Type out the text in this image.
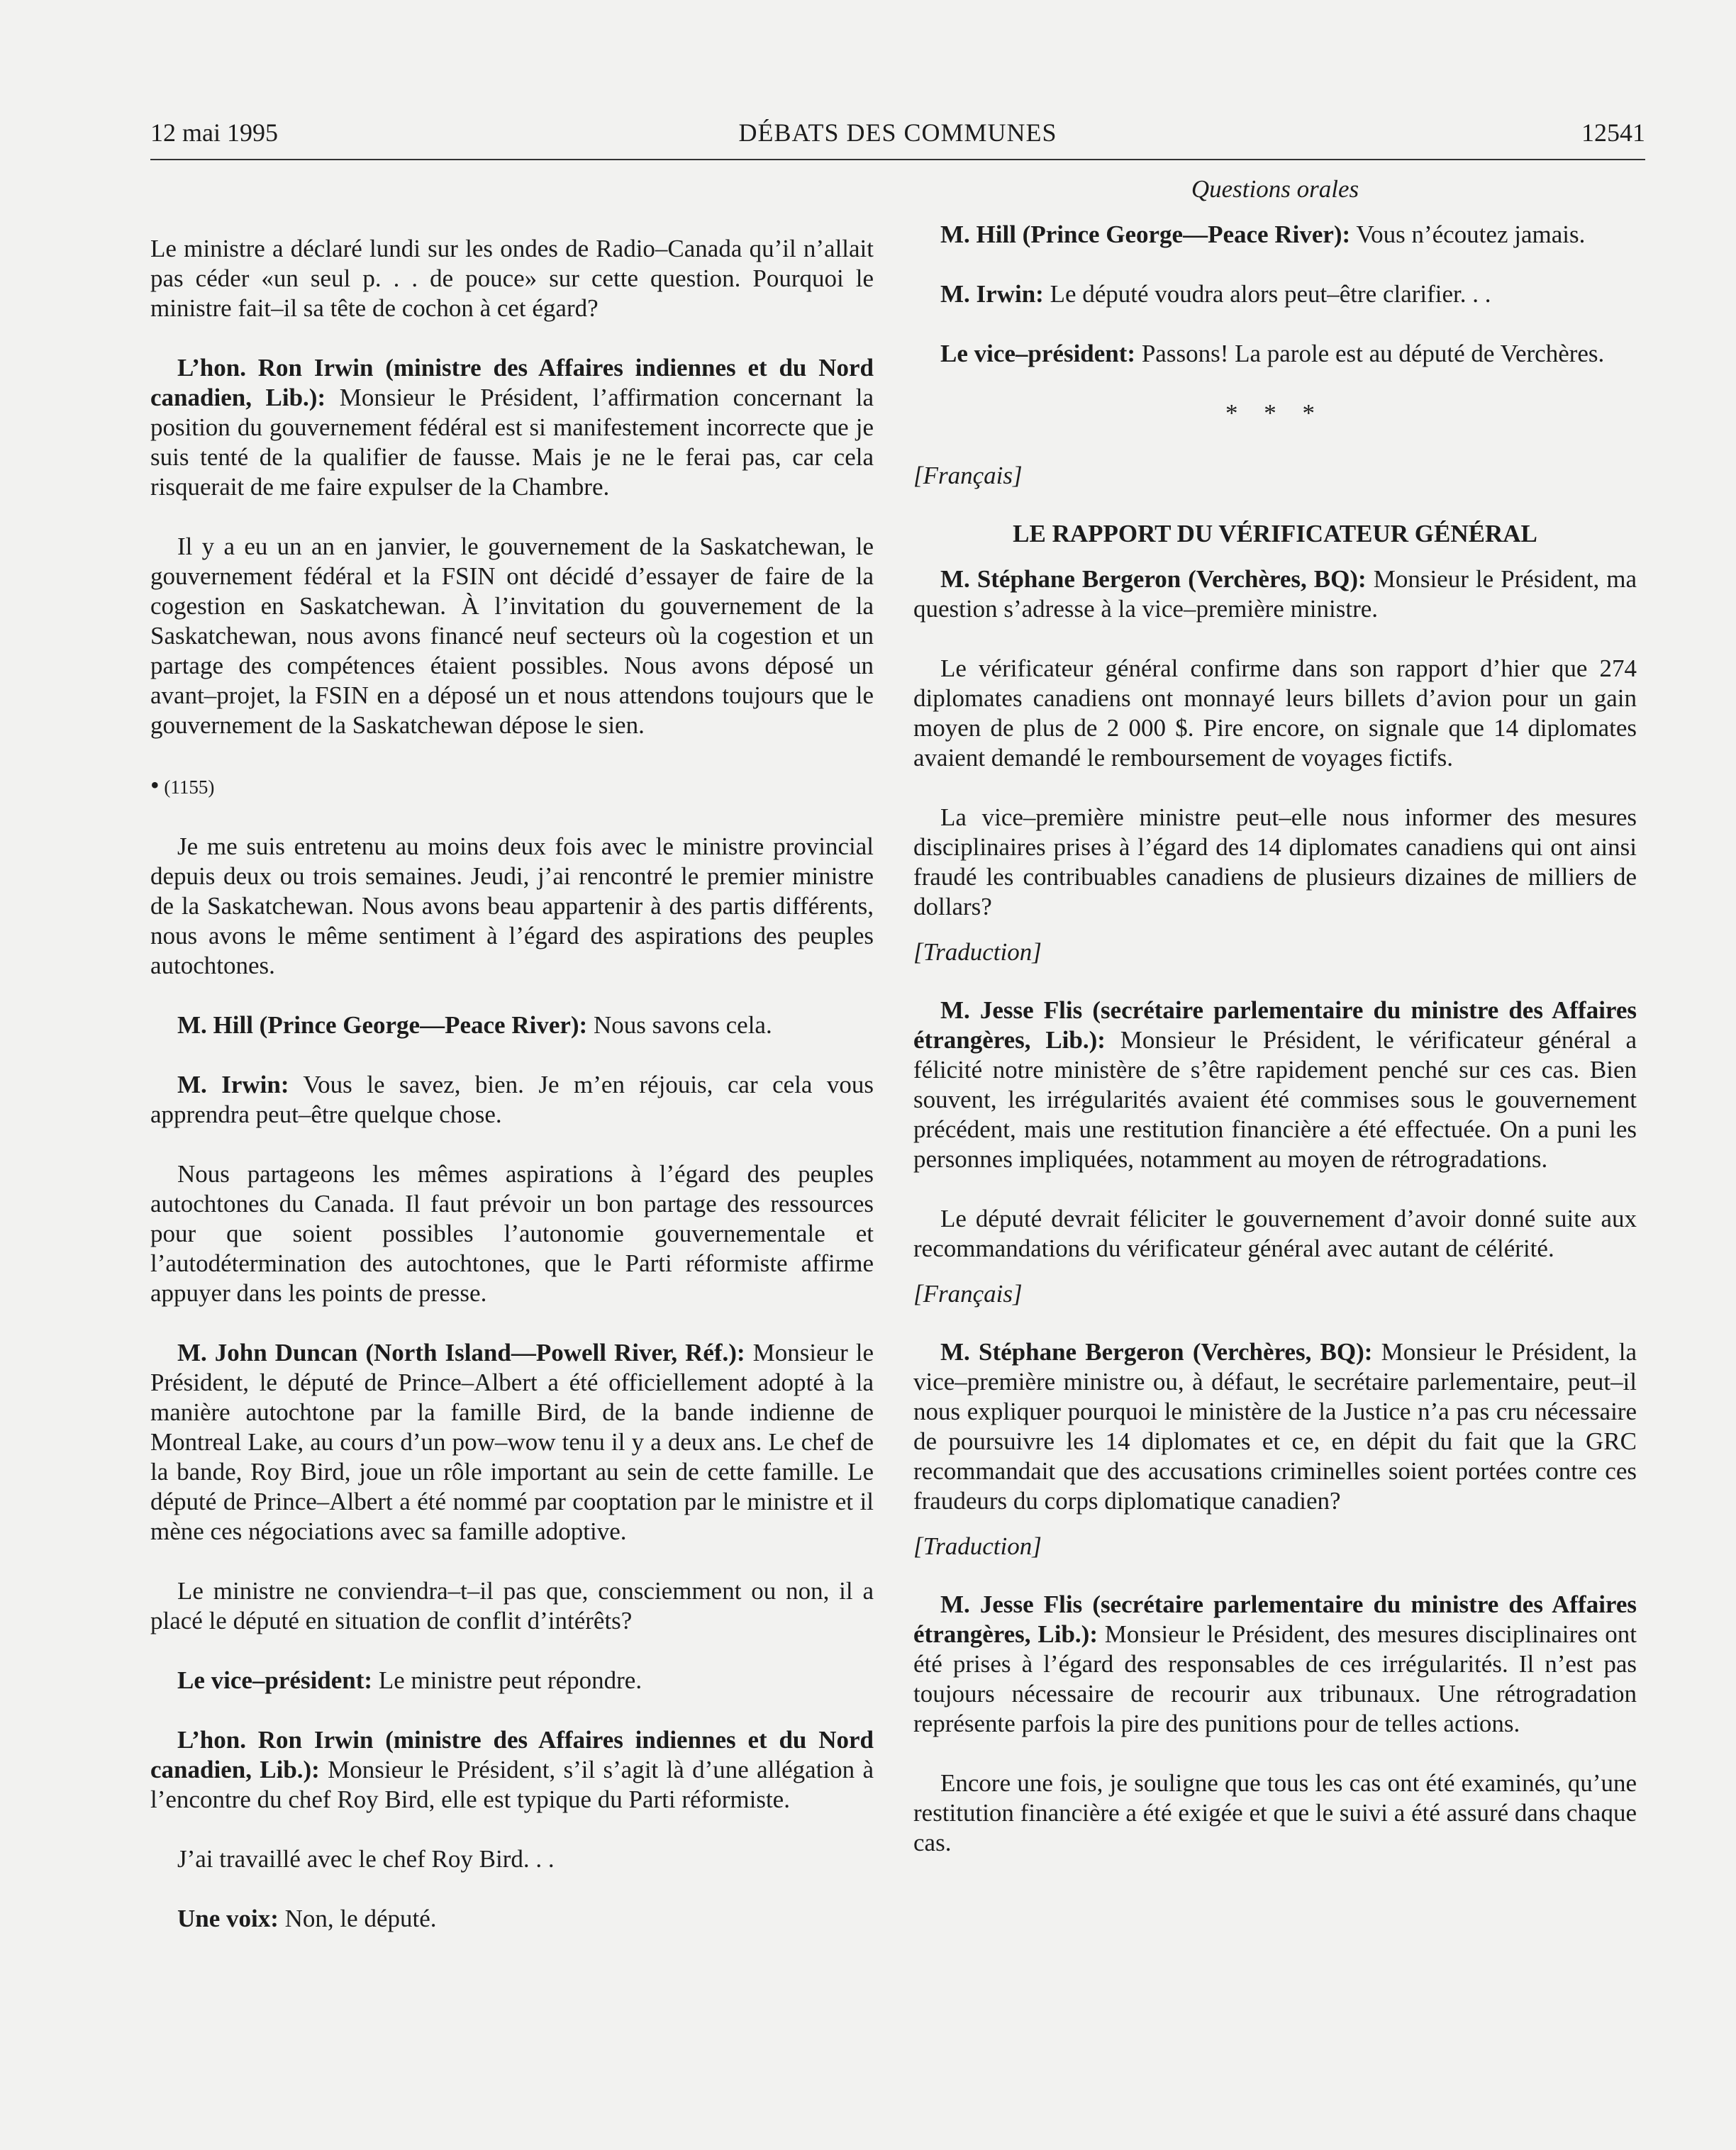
12 mai 1995	DÉBATS DES COMMUNES	12541

Le ministre a déclaré lundi sur les ondes de Radio–Canada qu’il n’allait pas céder «un seul p. . . de pouce» sur cette question. Pourquoi le ministre fait–il sa tête de cochon à cet égard?

L’hon. Ron Irwin (ministre des Affaires indiennes et du Nord canadien, Lib.): Monsieur le Président, l’affirmation concernant la position du gouvernement fédéral est si manifestement incorrecte que je suis tenté de la qualifier de fausse. Mais je ne le ferai pas, car cela risquerait de me faire expulser de la Chambre.

Il y a eu un an en janvier, le gouvernement de la Saskatchewan, le gouvernement fédéral et la FSIN ont décidé d’essayer de faire de la cogestion en Saskatchewan. À l’invitation du gouvernement de la Saskatchewan, nous avons financé neuf secteurs où la cogestion et un partage des compétences étaient possibles. Nous avons déposé un avant–projet, la FSIN en a déposé un et nous attendons toujours que le gouvernement de la Saskatchewan dépose le sien.

• (1155)

Je me suis entretenu au moins deux fois avec le ministre provincial depuis deux ou trois semaines. Jeudi, j’ai rencontré le premier ministre de la Saskatchewan. Nous avons beau appartenir à des partis différents, nous avons le même sentiment à l’égard des aspirations des peuples autochtones.

M. Hill (Prince George—Peace River): Nous savons cela.

M. Irwin: Vous le savez, bien. Je m’en réjouis, car cela vous apprendra peut–être quelque chose.

Nous partageons les mêmes aspirations à l’égard des peuples autochtones du Canada. Il faut prévoir un bon partage des ressources pour que soient possibles l’autonomie gouvernementale et l’autodétermination des autochtones, que le Parti réformiste affirme appuyer dans les points de presse.

M. John Duncan (North Island—Powell River, Réf.): Monsieur le Président, le député de Prince–Albert a été officiellement adopté à la manière autochtone par la famille Bird, de la bande indienne de Montreal Lake, au cours d’un pow–wow tenu il y a deux ans. Le chef de la bande, Roy Bird, joue un rôle important au sein de cette famille. Le député de Prince–Albert a été nommé par cooptation par le ministre et il mène ces négociations avec sa famille adoptive.

Le ministre ne conviendra–t–il pas que, consciemment ou non, il a placé le député en situation de conflit d’intérêts?

Le vice–président: Le ministre peut répondre.

L’hon. Ron Irwin (ministre des Affaires indiennes et du Nord canadien, Lib.): Monsieur le Président, s’il s’agit là d’une allégation à l’encontre du chef Roy Bird, elle est typique du Parti réformiste.

J’ai travaillé avec le chef Roy Bird. . .

Une voix: Non, le député.

Questions orales

M. Hill (Prince George—Peace River): Vous n’écoutez jamais.

M. Irwin: Le député voudra alors peut–être clarifier. . .

Le vice–président: Passons! La parole est au député de Verchères.

* * *

[Français]

LE RAPPORT DU VÉRIFICATEUR GÉNÉRAL

M. Stéphane Bergeron (Verchères, BQ): Monsieur le Président, ma question s’adresse à la vice–première ministre.

Le vérificateur général confirme dans son rapport d’hier que 274 diplomates canadiens ont monnayé leurs billets d’avion pour un gain moyen de plus de 2 000 $. Pire encore, on signale que 14 diplomates avaient demandé le remboursement de voyages fictifs.

La vice–première ministre peut–elle nous informer des mesures disciplinaires prises à l’égard des 14 diplomates canadiens qui ont ainsi fraudé les contribuables canadiens de plusieurs dizaines de milliers de dollars?

[Traduction]

M. Jesse Flis (secrétaire parlementaire du ministre des Affaires étrangères, Lib.): Monsieur le Président, le vérificateur général a félicité notre ministère de s’être rapidement penché sur ces cas. Bien souvent, les irrégularités avaient été commises sous le gouvernement précédent, mais une restitution financière a été effectuée. On a puni les personnes impliquées, notamment au moyen de rétrogradations.

Le député devrait féliciter le gouvernement d’avoir donné suite aux recommandations du vérificateur général avec autant de célérité.

[Français]

M. Stéphane Bergeron (Verchères, BQ): Monsieur le Président, la vice–première ministre ou, à défaut, le secrétaire parlementaire, peut–il nous expliquer pourquoi le ministère de la Justice n’a pas cru nécessaire de poursuivre les 14 diplomates et ce, en dépit du fait que la GRC recommandait que des accusations criminelles soient portées contre ces fraudeurs du corps diplomatique canadien?

[Traduction]

M. Jesse Flis (secrétaire parlementaire du ministre des Affaires étrangères, Lib.): Monsieur le Président, des mesures disciplinaires ont été prises à l’égard des responsables de ces irrégularités. Il n’est pas toujours nécessaire de recourir aux tribunaux. Une rétrogradation représente parfois la pire des punitions pour de telles actions.

Encore une fois, je souligne que tous les cas ont été examinés, qu’une restitution financière a été exigée et que le suivi a été assuré dans chaque cas.
